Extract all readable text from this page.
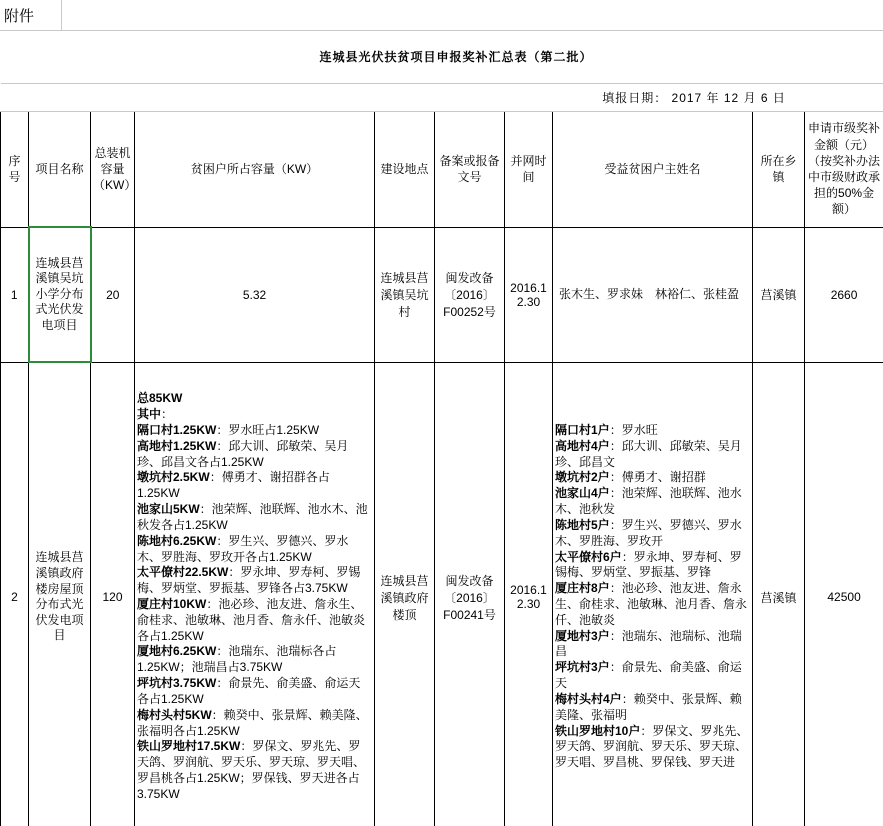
附件
	连城县光伏扶贫项目申报奖补汇总表（第二批）								
						填报日期： 2017 年 12 月 6 日			
序号	项目名称	总装机容量（KW）	贫困户所占容量（KW）	建设地点	备案或报备文号	并网时间	受益贫困户主姓名	所在乡镇	申请市级奖补金额（元）（按奖补办法中市级财政承担的50%金额）
1	连城县莒溪镇吴坑小学分布式光伏发电项目	20	5.32	连城县莒溪镇吴坑村	闽发改备〔2016〕F00252号	2016.12.30	张木生、罗求妹　林裕仁、张桂盈	莒溪镇	2660
2	连城县莒溪镇政府楼房屋顶分布式光伏发电项目	120	总85KW
其中：
隔口村1.25KW：罗水旺占1.25KW
高地村1.25KW：邱大训、邱敏荣、吴月珍、邱昌文各占1.25KW
墩坑村2.5KW：傅勇才、谢招群各占1.25KW
池家山5KW：池荣辉、池联辉、池水木、池秋发各占1.25KW
陈地村6.25KW：罗生兴、罗德兴、罗水木、罗胜海、罗玫开各占1.25KW
太平僚村22.5KW：罗永坤、罗寿柯、罗锡梅、罗炳堂、罗振基、罗锋各占3.75KW
厦庄村10KW：池必珍、池友进、詹永生、俞桂求、池敏琳、池月香、詹永仟、池敏炎各占1.25KW
厦地村6.25KW：池瑞东、池瑞标各占1.25KW；池瑞昌占3.75KW
坪坑村3.75KW：俞景先、俞美盛、俞运天各占1.25KW
梅村头村5KW：赖癸中、张景辉、赖美隆、张福明各占1.25KW
铁山罗地村17.5KW：罗保文、罗兆先、罗天鸽、罗润航、罗天乐、罗天琼、罗天唱、罗昌桃各占1.25KW；罗保钱、罗天进各占3.75KW	连城县莒溪镇政府楼顶	闽发改备〔2016〕F00241号	2016.12.30	隔口村1户：罗水旺
高地村4户：邱大训、邱敏荣、吴月珍、邱昌文
墩坑村2户：傅勇才、谢招群
池家山4户：池荣辉、池联辉、池水木、池秋发
陈地村5户：罗生兴、罗德兴、罗水木、罗胜海、罗玫开
太平僚村6户：罗永坤、罗寿柯、罗锡梅、罗炳堂、罗振基、罗锋
厦庄村8户：池必珍、池友进、詹永生、俞桂求、池敏琳、池月香、詹永仟、池敏炎
厦地村3户：池瑞东、池瑞标、池瑞昌
坪坑村3户：俞景先、俞美盛、俞运天
梅村头村4户：赖癸中、张景辉、赖美隆、张福明
铁山罗地村10户：罗保文、罗兆先、罗天鸽、罗润航、罗天乐、罗天琼、罗天唱、罗昌桃、罗保钱、罗天进	莒溪镇	42500
